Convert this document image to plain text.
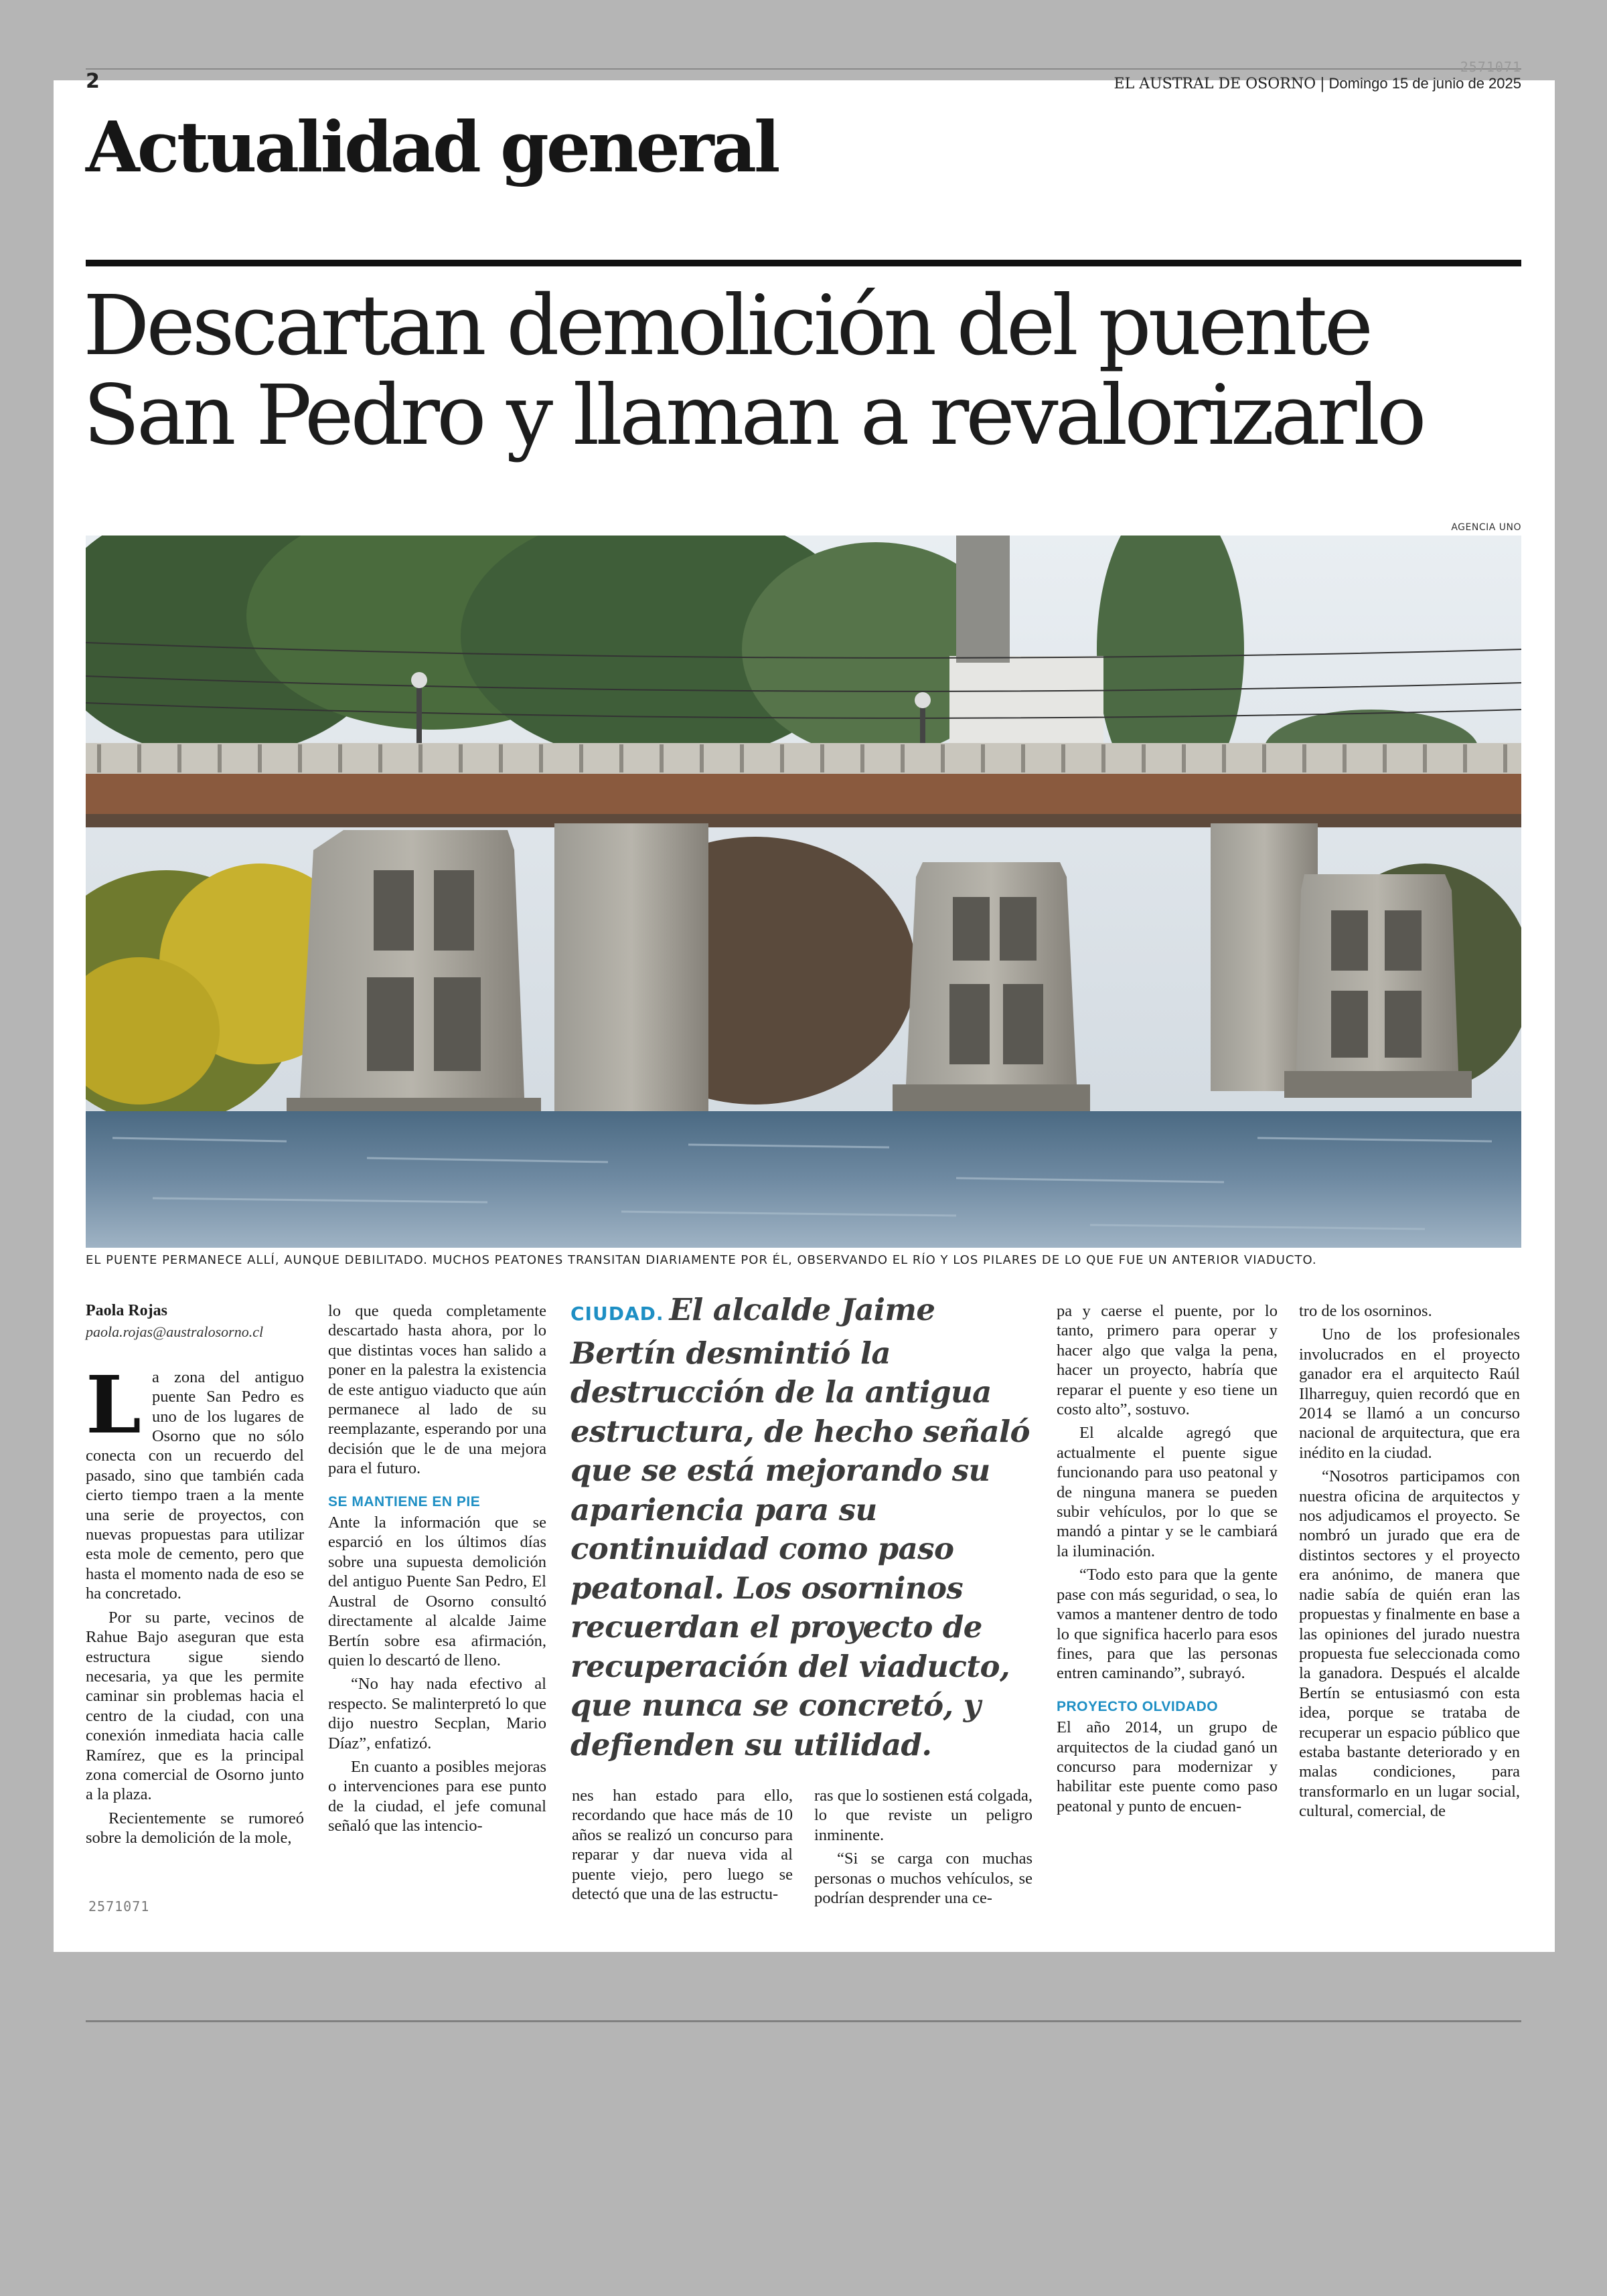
2
2571071
EL AUSTRAL DE OSORNO | Domingo 15 de junio de 2025
Actualidad general
Descartan demolición del puente
San Pedro y llaman a revalorizarlo
AGENCIA UNO
EL PUENTE PERMANECE ALLÍ, AUNQUE DEBILITADO. MUCHOS PEATONES TRANSITAN DIARIAMENTE POR ÉL, OBSERVANDO EL RÍO Y LOS PILARES DE LO QUE FUE UN ANTERIOR VIADUCTO.
Paola Rojas
paola.rojas@australosorno.cl

La zona del antiguo puente San Pedro es uno de los lugares de Osorno que no sólo conecta con un recuerdo del pasado, sino que también cada cierto tiempo traen a la mente una serie de proyectos, con nuevas propuestas para utilizar esta mole de cemento, pero que hasta el momento nada de eso se ha concretado.

Por su parte, vecinos de Rahue Bajo aseguran que esta estructura sigue siendo necesaria, ya que les permite caminar sin problemas hacia el centro de la ciudad, con una conexión inmediata hacia calle Ramírez, que es la principal zona comercial de Osorno junto a la plaza.

Recientemente se rumoreó sobre la demolición de la mole,

2571071

lo que queda completamente descartado hasta ahora, por lo que distintas voces han salido a poner en la palestra la existencia de este antiguo viaducto que aún permanece al lado de su reemplazante, esperando por una decisión que le de una mejora para el futuro.

SE MANTIENE EN PIE

Ante la información que se esparció en los últimos días sobre una supuesta demolición del antiguo Puente San Pedro, El Austral de Osorno consultó directamente al alcalde Jaime Bertín sobre esa afirmación, quien lo descartó de lleno.

“No hay nada efectivo al respecto. Se malinterpretó lo que dijo nuestro Secplan, Mario Díaz”, enfatizó.

En cuanto a posibles mejoras o intervenciones para ese punto de la ciudad, el jefe comunal señaló que las intencio-

CIUDAD. El alcalde Jaime Bertín desmintió la destrucción de la antigua estructura, de hecho señaló que se está mejorando su apariencia para su continuidad como paso peatonal. Los osorninos recuerdan el proyecto de recuperación del viaducto, que nunca se concretó, y defienden su utilidad.

nes han estado para ello, recordando que hace más de 10 años se realizó un concurso para reparar y dar nueva vida al puente viejo, pero luego se detectó que una de las estructu-

ras que lo sostienen está colgada, lo que reviste un peligro inminente.

“Si se carga con muchas personas o muchos vehículos, se podrían desprender una ce-

pa y caerse el puente, por lo tanto, primero para operar y hacer algo que valga la pena, hacer un proyecto, habría que reparar el puente y eso tiene un costo alto”, sostuvo.

El alcalde agregó que actualmente el puente sigue funcionando para uso peatonal y de ninguna manera se pueden subir vehículos, por lo que se mandó a pintar y se le cambiará la iluminación.

“Todo esto para que la gente pase con más seguridad, o sea, lo vamos a mantener dentro de todo lo que significa hacerlo para esos fines, para que las personas entren caminando”, subrayó.

PROYECTO OLVIDADO

El año 2014, un grupo de arquitectos de la ciudad ganó un concurso para modernizar y habilitar este puente como paso peatonal y punto de encuen-

tro de los osorninos.

Uno de los profesionales involucrados en el proyecto ganador era el arquitecto Raúl Ilharreguy, quien recordó que en 2014 se llamó a un concurso nacional de arquitectura, que era inédito en la ciudad.

“Nosotros participamos con nuestra oficina de arquitectos y nos adjudicamos el proyecto. Se nombró un jurado que era de distintos sectores y el proyecto era anónimo, de manera que nadie sabía de quién eran las propuestas y finalmente en base a las opiniones del jurado nuestra propuesta fue seleccionada como la ganadora. Después el alcalde Bertín se entusiasmó con esta idea, porque se trataba de recuperar un espacio público que estaba bastante deteriorado y en malas condiciones, para transformarlo en un lugar social, cultural, comercial, de
